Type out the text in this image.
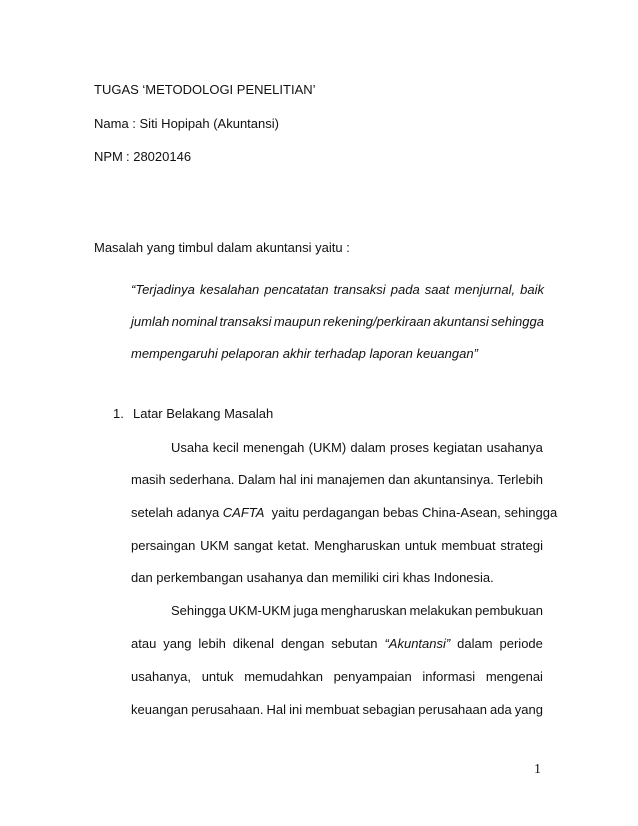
TUGAS ‘METODOLOGI PENELITIAN’
Nama : Siti Hopipah (Akuntansi)
NPM : 28020146
Masalah yang timbul dalam akuntansi yaitu :
“Terjadinya kesalahan pencatatan transaksi pada saat menjurnal, baik
jumlah nominal transaksi maupun rekening/perkiraan akuntansi sehingga
mempengaruhi pelaporan akhir terhadap laporan keuangan”
1. Latar Belakang Masalah
Usaha kecil menengah (UKM) dalam proses kegiatan usahanya
masih sederhana. Dalam hal ini manajemen dan akuntansinya. Terlebih
setelah adanya CAFTA  yaitu perdagangan bebas China-Asean, sehingga
persaingan UKM sangat ketat. Mengharuskan untuk membuat strategi
dan perkembangan usahanya dan memiliki ciri khas Indonesia.
Sehingga UKM-UKM juga mengharuskan melakukan pembukuan
atau yang lebih dikenal dengan sebutan “Akuntansi” dalam periode
usahanya, untuk memudahkan penyampaian informasi mengenai
keuangan perusahaan. Hal ini membuat sebagian perusahaan ada yang
1
